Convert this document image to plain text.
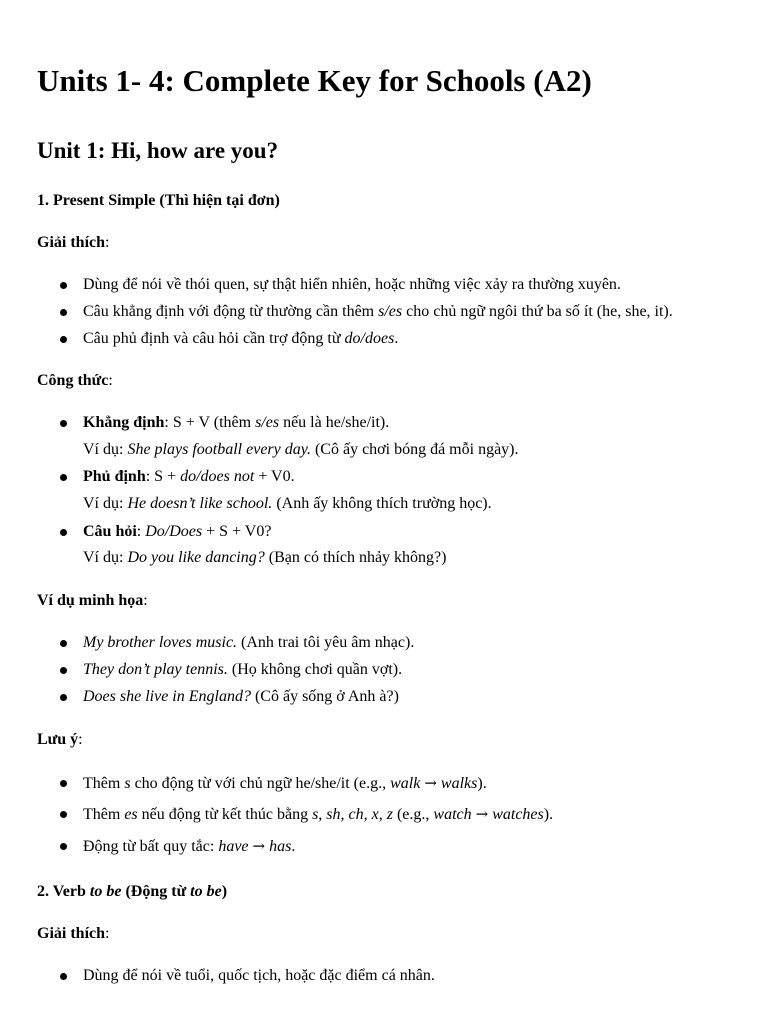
Units 1- 4: Complete Key for Schools (A2)
Unit 1: Hi, how are you?
1. Present Simple (Thì hiện tại đơn)
Giải thích:
Dùng để nói về thói quen, sự thật hiển nhiên, hoặc những việc xảy ra thường xuyên.
Câu khẳng định với động từ thường cần thêm s/es cho chủ ngữ ngôi thứ ba số ít (he, she, it).
Câu phủ định và câu hỏi cần trợ động từ do/does.
Công thức:
Khẳng định: S + V (thêm s/es nếu là he/she/it).
Ví dụ: She plays football every day. (Cô ấy chơi bóng đá mỗi ngày).
Phủ định: S + do/does not + V0.
Ví dụ: He doesn’t like school. (Anh ấy không thích trường học).
Câu hỏi: Do/Does + S + V0?
Ví dụ: Do you like dancing? (Bạn có thích nhảy không?)
Ví dụ minh họa:
My brother loves music. (Anh trai tôi yêu âm nhạc).
They don’t play tennis. (Họ không chơi quần vợt).
Does she live in England? (Cô ấy sống ở Anh à?)
Lưu ý:
Thêm s cho động từ với chủ ngữ he/she/it (e.g., walk → walks).
Thêm es nếu động từ kết thúc bằng s, sh, ch, x, z (e.g., watch → watches).
Động từ bất quy tắc: have → has.
2. Verb to be (Động từ to be)
Giải thích:
Dùng để nói về tuổi, quốc tịch, hoặc đặc điểm cá nhân.
